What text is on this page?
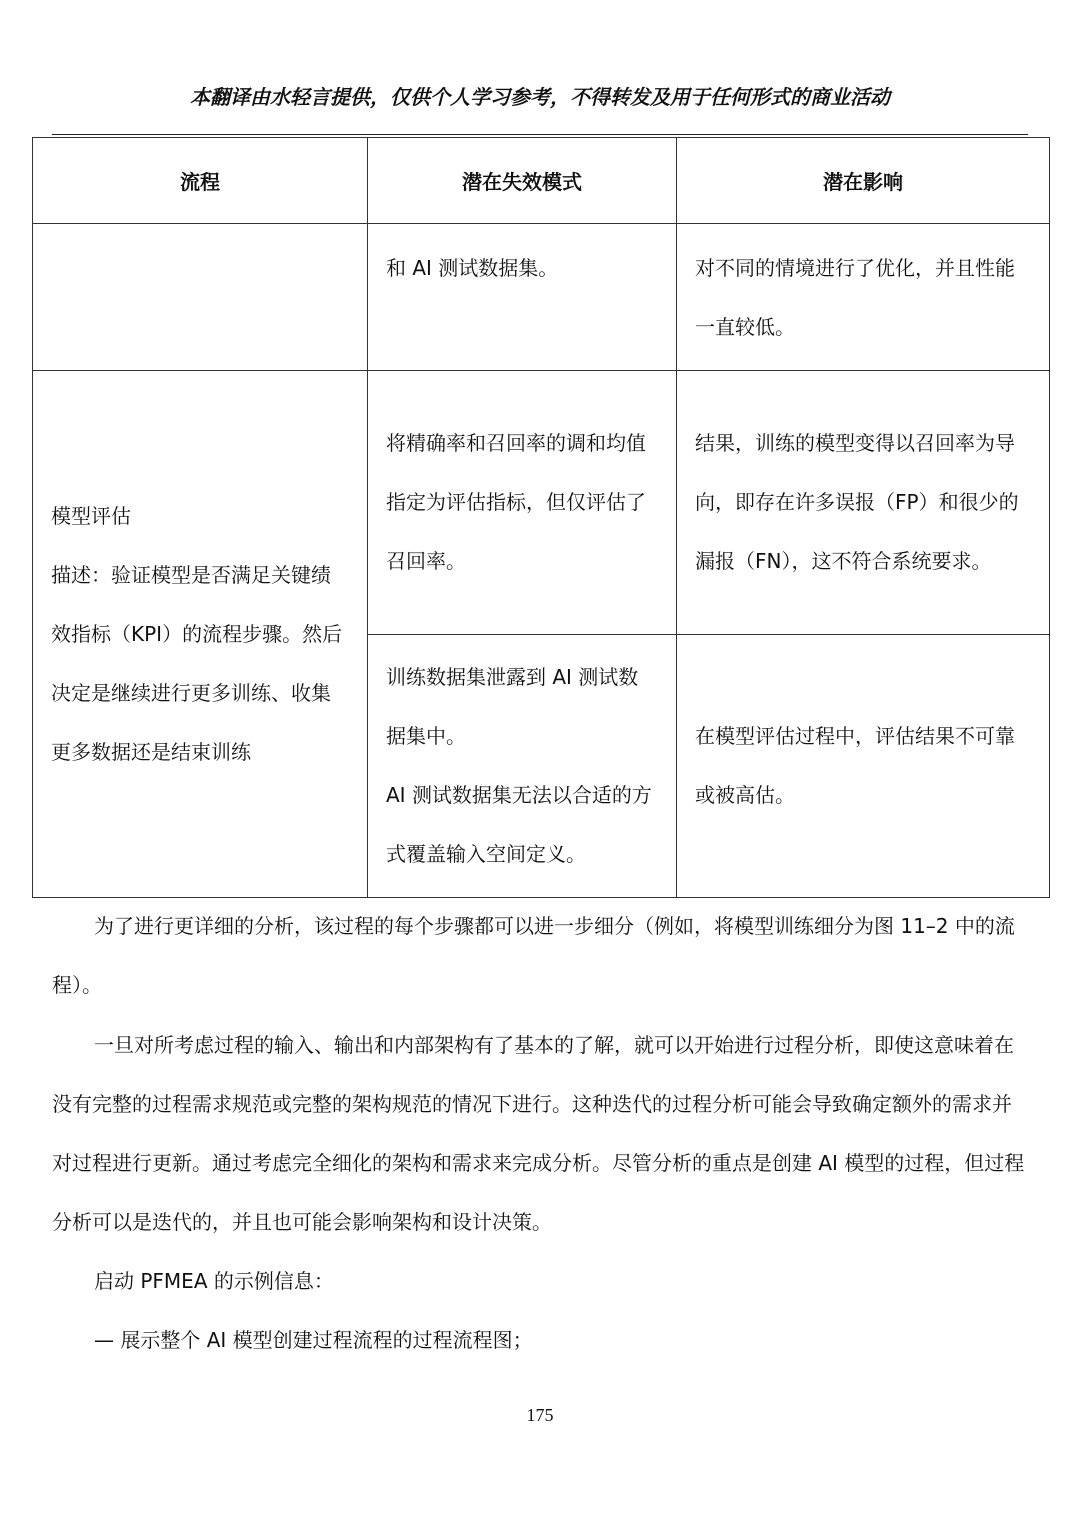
本翻译由水轻言提供，仅供个人学习参考，不得转发及用于任何形式的商业活动
流程	潜在失效模式	潜在影响

	和 AI 测试数据集。	对不同的情境进行了优化，并且性能一直较低。

模型评估
描述：验证模型是否满足关键绩效指标（KPI）的流程步骤。然后决定是继续进行更多训练、收集更多数据还是结束训练	将精确率和召回率的调和均值指定为评估指标，但仅评估了召回率。	结果，训练的模型变得以召回率为导向，即存在许多误报（FP）和很少的漏报（FN），这不符合系统要求。

	训练数据集泄露到 AI 测试数据集中。
AI 测试数据集无法以合适的方式覆盖输入空间定义。	在模型评估过程中，评估结果不可靠或被高估。
为了进行更详细的分析，该过程的每个步骤都可以进一步细分（例如，将模型训练细分为图 11–2 中的流程）。
一旦对所考虑过程的输入、输出和内部架构有了基本的了解，就可以开始进行过程分析，即使这意味着在没有完整的过程需求规范或完整的架构规范的情况下进行。这种迭代的过程分析可能会导致确定额外的需求并对过程进行更新。通过考虑完全细化的架构和需求来完成分析。尽管分析的重点是创建 AI 模型的过程，但过程分析可以是迭代的，并且也可能会影响架构和设计决策。
启动 PFMEA 的示例信息：
— 展示整个 AI 模型创建过程流程的过程流程图；
175
